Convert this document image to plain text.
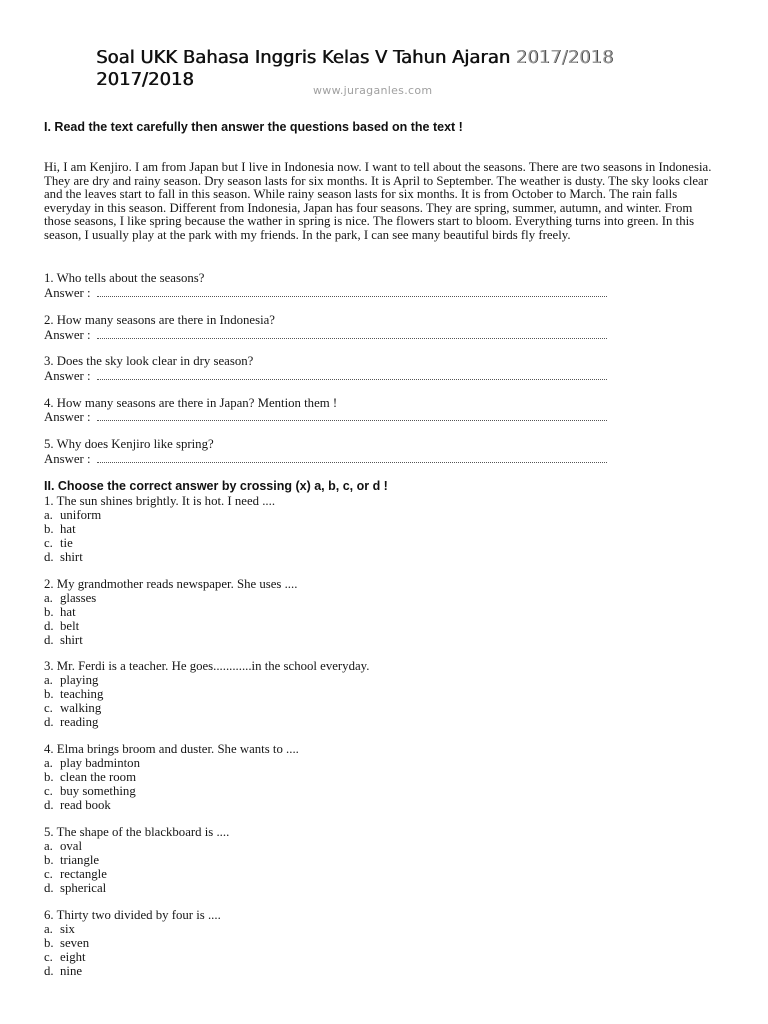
Soal UKK Bahasa Inggris Kelas V Tahun Ajaran 2017/2018
2017/2018
www.juraganles.com
I. Read the text carefully then answer the questions based on the text !
Hi, I am Kenjiro. I am from Japan but I live in Indonesia now. I want to tell about the seasons. There are two seasons in Indonesia. They are dry and rainy season. Dry season lasts for six months. It is April to September. The weather is dusty. The sky looks clear and the leaves start to fall in this season. While rainy season lasts for six months. It is from October to March. The rain falls everyday in this season. Different from Indonesia, Japan has four seasons. They are spring, summer, autumn, and winter. From those seasons, I like spring because the wather in spring is nice. The flowers start to bloom. Everything turns into green. In this season, I usually play at the park with my friends. In the park, I can see many beautiful birds fly freely.
1. Who tells about the seasons?
Answer :
2. How many seasons are there in Indonesia?
Answer :
3. Does the sky look clear in dry season?
Answer :
4. How many seasons are there in Japan? Mention them !
Answer :
5. Why does Kenjiro like spring?
Answer :
II. Choose the correct answer by crossing (x) a, b, c, or d !
1. The sun shines brightly. It is hot. I need ....
a. uniform
b. hat
c. tie
d. shirt
2. My grandmother reads newspaper. She uses ....
a. glasses
b. hat
d. belt
d. shirt
3. Mr. Ferdi is a teacher. He goes............in the school everyday.
a. playing
b. teaching
c. walking
d. reading
4. Elma brings broom and duster. She wants to ....
a. play badminton
b. clean the room
c. buy something
d. read book
5. The shape of the blackboard is ....
a. oval
b. triangle
c. rectangle
d. spherical
6. Thirty two divided by four is ....
a. six
b. seven
c. eight
d. nine
